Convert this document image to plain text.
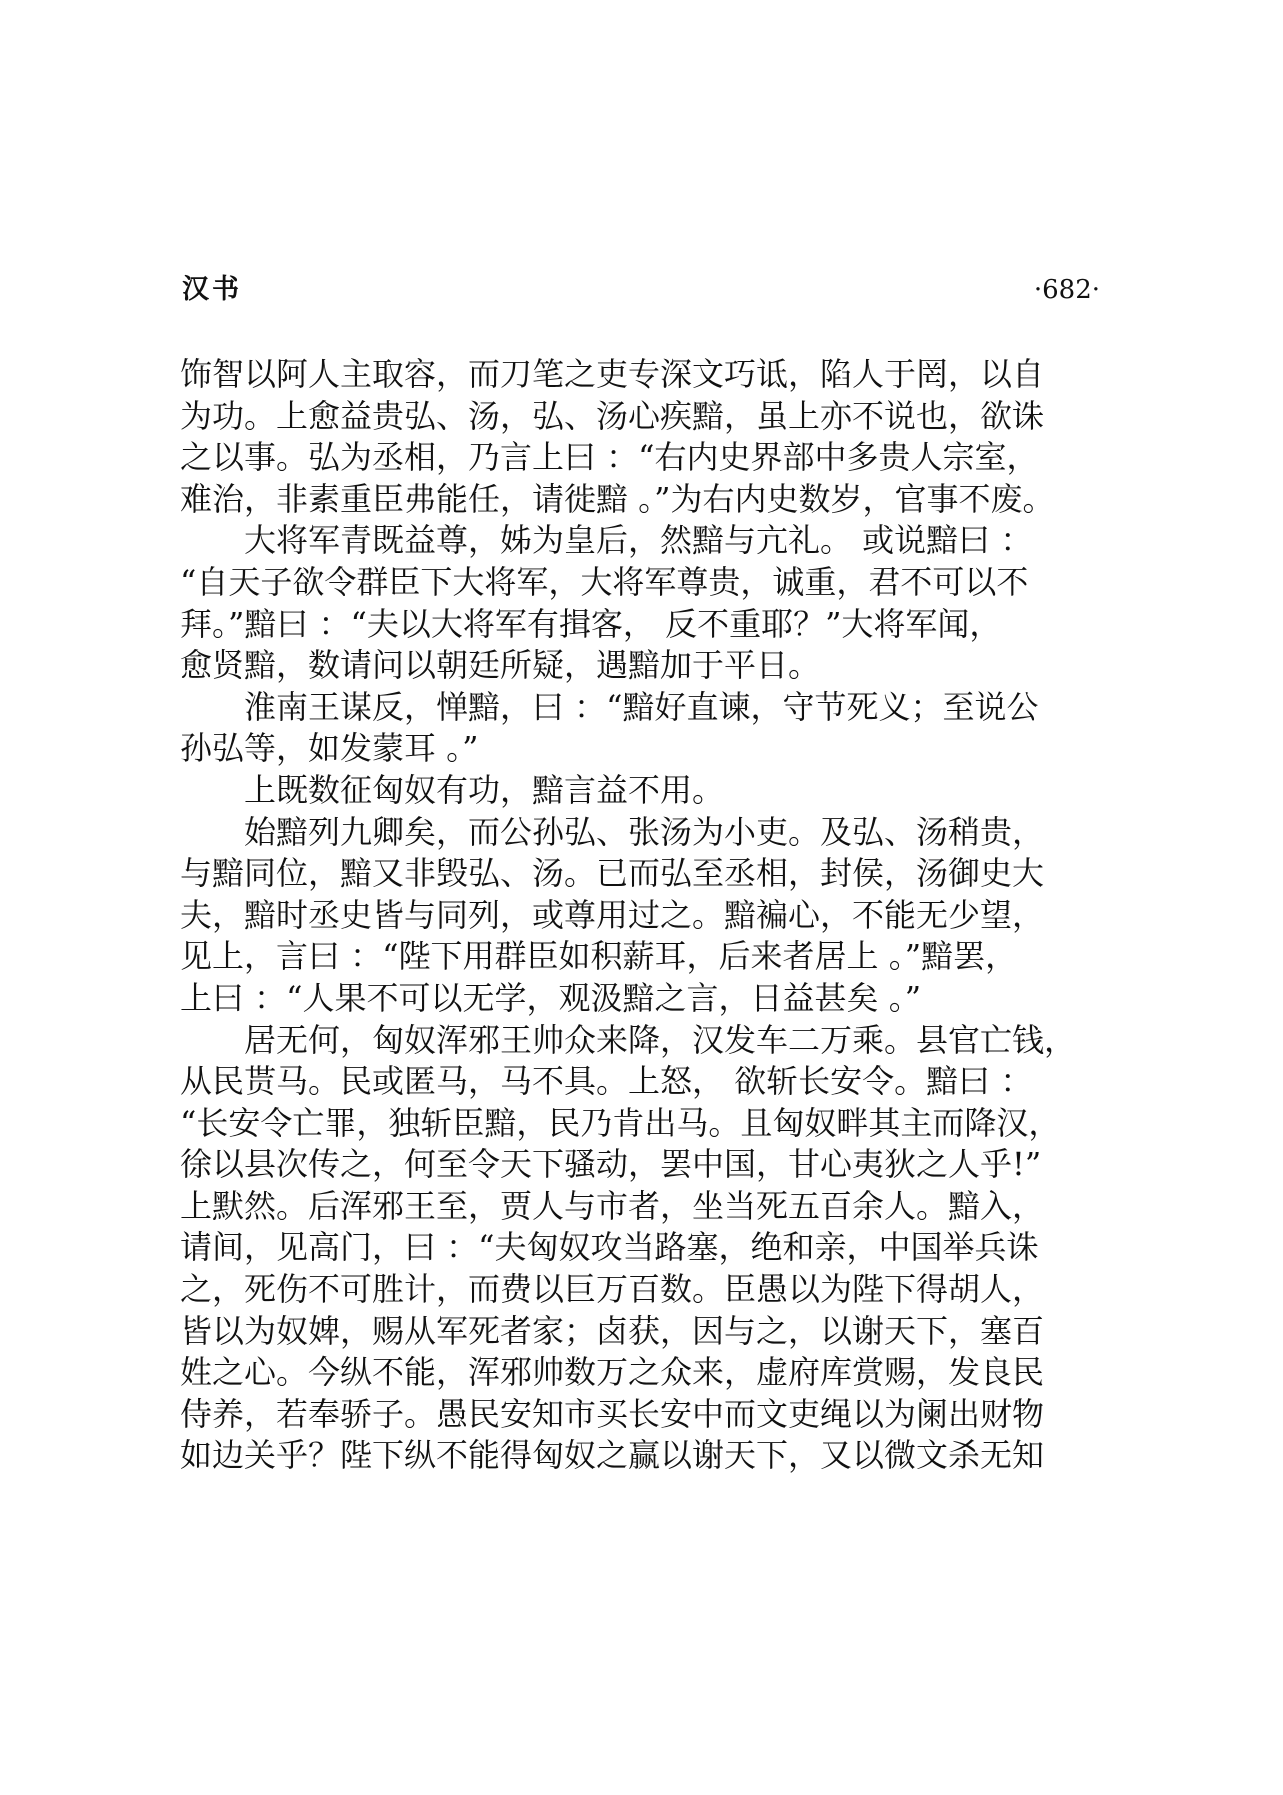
汉书	·682·
饰智以阿人主取容，而刀笔之吏专深文巧诋，陷人于罔，以自
为功。上愈益贵弘、汤，弘、汤心疾黯，虽上亦不说也，欲诛
之以事。弘为丞相，乃言上曰 ：“右内史界部中多贵人宗室，
难治，非素重臣弗能任，请徙黯 。”为右内史数岁，官事不废。
大将军青既益尊，姊为皇后，然黯与亢礼。 或说黯曰 ：
“自天子欲令群臣下大将军，大将军尊贵，诚重，君不可以不
拜。”黯曰 ：“夫以大将军有揖客， 反不重耶？”大将军闻，
愈贤黯，数请问以朝廷所疑，遇黯加于平日。
淮南王谋反，惮黯，曰 ：“黯好直谏，守节死义；至说公
孙弘等，如发蒙耳 。”
上既数征匈奴有功，黯言益不用。
始黯列九卿矣，而公孙弘、张汤为小吏。及弘、汤稍贵，
与黯同位，黯又非毁弘、汤。已而弘至丞相，封侯，汤御史大
夫，黯时丞史皆与同列，或尊用过之。黯褊心，不能无少望，
见上，言曰 ：“陛下用群臣如积薪耳，后来者居上 。”黯罢，
上曰 ：“人果不可以无学，观汲黯之言，日益甚矣 。”
居无何，匈奴浑邪王帅众来降，汉发车二万乘。县官亡钱，
从民贳马。民或匿马，马不具。上怒， 欲斩长安令。黯曰 ：
“长安令亡罪，独斩臣黯，民乃肯出马。且匈奴畔其主而降汉，
徐以县次传之，何至令天下骚动，罢中国，甘心夷狄之人乎!”
上默然。后浑邪王至，贾人与市者，坐当死五百余人。黯入，
请间，见高门，曰 ：“夫匈奴攻当路塞，绝和亲，中国举兵诛
之，死伤不可胜计，而费以巨万百数。臣愚以为陛下得胡人，
皆以为奴婢，赐从军死者家；卤获，因与之，以谢天下，塞百
姓之心。今纵不能，浑邪帅数万之众来，虚府库赏赐，发良民
侍养，若奉骄子。愚民安知市买长安中而文吏绳以为阑出财物
如边关乎？陛下纵不能得匈奴之赢以谢天下，又以微文杀无知
